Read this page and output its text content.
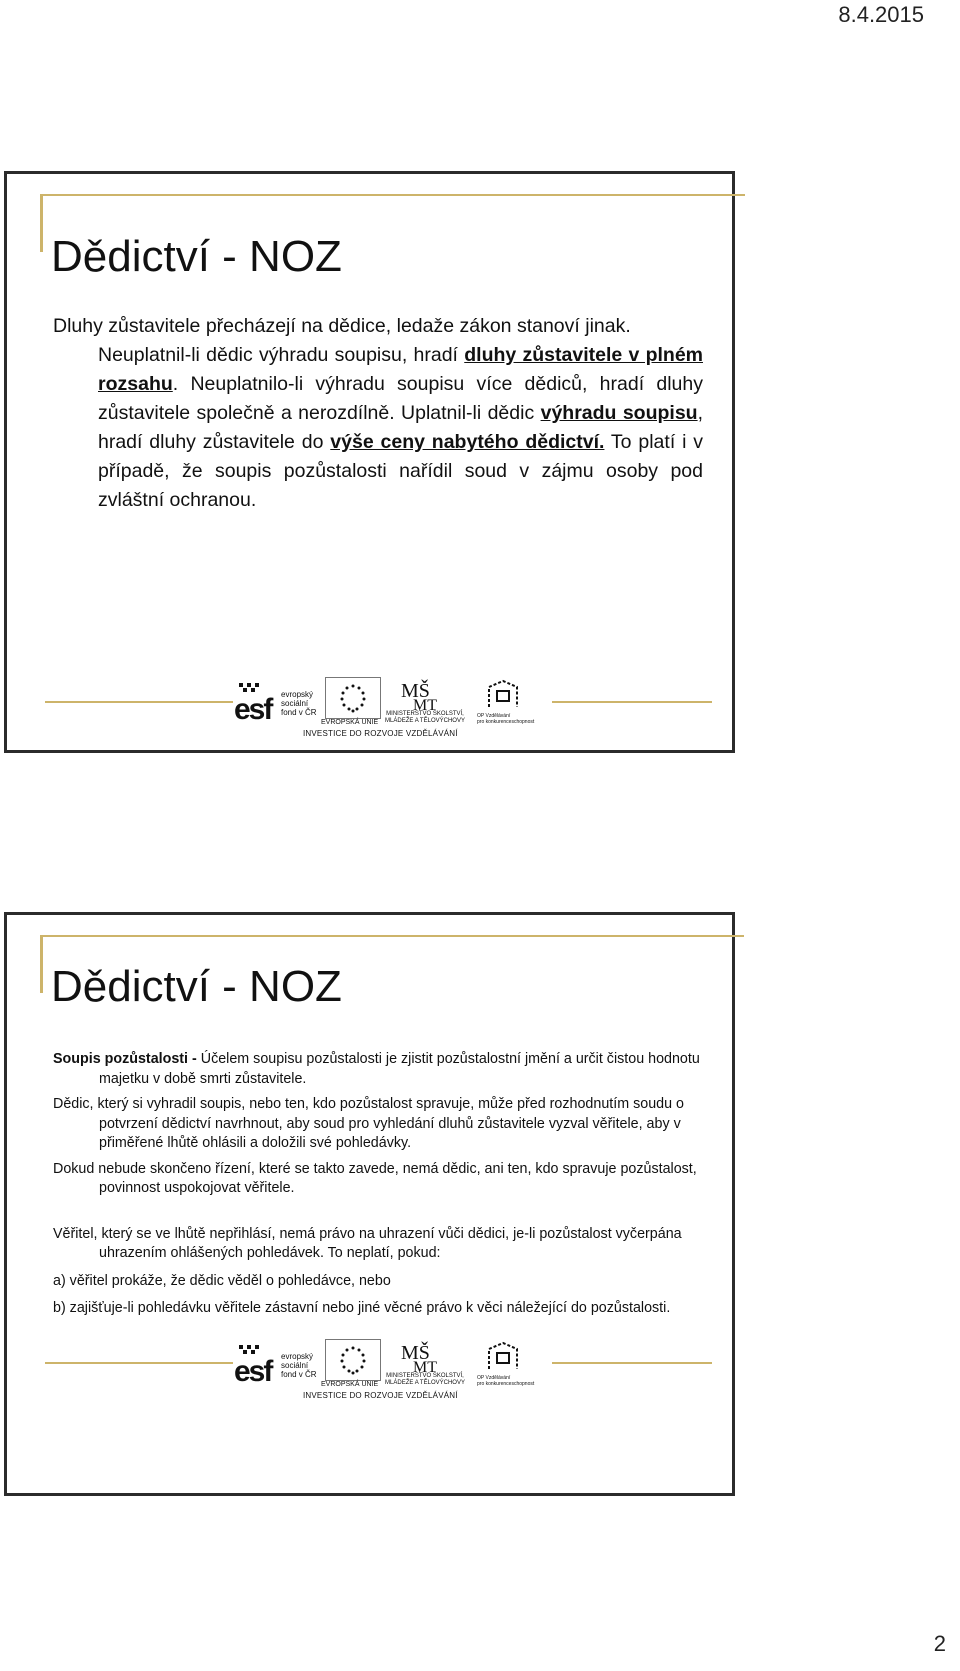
8.4.2015
Dědictví - NOZ
Dluhy zůstavitele přecházejí na dědice, ledaže zákon stanoví jinak.
Neuplatnil-li dědic výhradu soupisu, hradí dluhy zůstavitele v plném rozsahu. Neuplatnilo-li výhradu soupisu více dědiců, hradí dluhy zůstavitele společně a nerozdílně. Uplatnil-li dědic výhradu soupisu, hradí dluhy zůstavitele do výše ceny nabytého dědictví. To platí i v případě, že soupis pozůstalosti nařídil soud v zájmu osoby pod zvláštní ochranou.
esf	evropský
sociální
fond v ČR
EVROPSKÁ UNIE
MŠ
MT
MINISTERSTVO ŠKOLSTVÍ,
MLÁDEŽE A TĚLOVÝCHOVY
OP Vzdělávání
pro konkurenceschopnost
INVESTICE DO ROZVOJE VZDĚLÁVÁNÍ
Dědictví - NOZ

Soupis pozůstalosti - Účelem soupisu pozůstalosti je zjistit pozůstalostní jmění a určit čistou hodnotu majetku v době smrti zůstavitele.

Dědic, který si vyhradil soupis, nebo ten, kdo pozůstalost spravuje, může před rozhodnutím soudu o potvrzení dědictví navrhnout, aby soud pro vyhledání dluhů zůstavitele vyzval věřitele, aby v přiměřené lhůtě ohlásili a doložili své pohledávky.

Dokud nebude skončeno řízení, které se takto zavede, nemá dědic, ani ten, kdo spravuje pozůstalost, povinnost uspokojovat věřitele.

Věřitel, který se ve lhůtě nepřihlásí, nemá právo na uhrazení vůči dědici, je-li pozůstalost vyčerpána uhrazením ohlášených pohledávek. To neplatí, pokud:

a) věřitel prokáže, že dědic věděl o pohledávce, nebo

b) zajišťuje-li pohledávku věřitele zástavní nebo jiné věcné právo k věci náležející do pozůstalosti.

esf	evropský
sociální
fond v ČR
EVROPSKÁ UNIE
MŠ
MT
MINISTERSTVO ŠKOLSTVÍ,
MLÁDEŽE A TĚLOVÝCHOVY
OP Vzdělávání
pro konkurenceschopnost
INVESTICE DO ROZVOJE VZDĚLÁVÁNÍ
2
